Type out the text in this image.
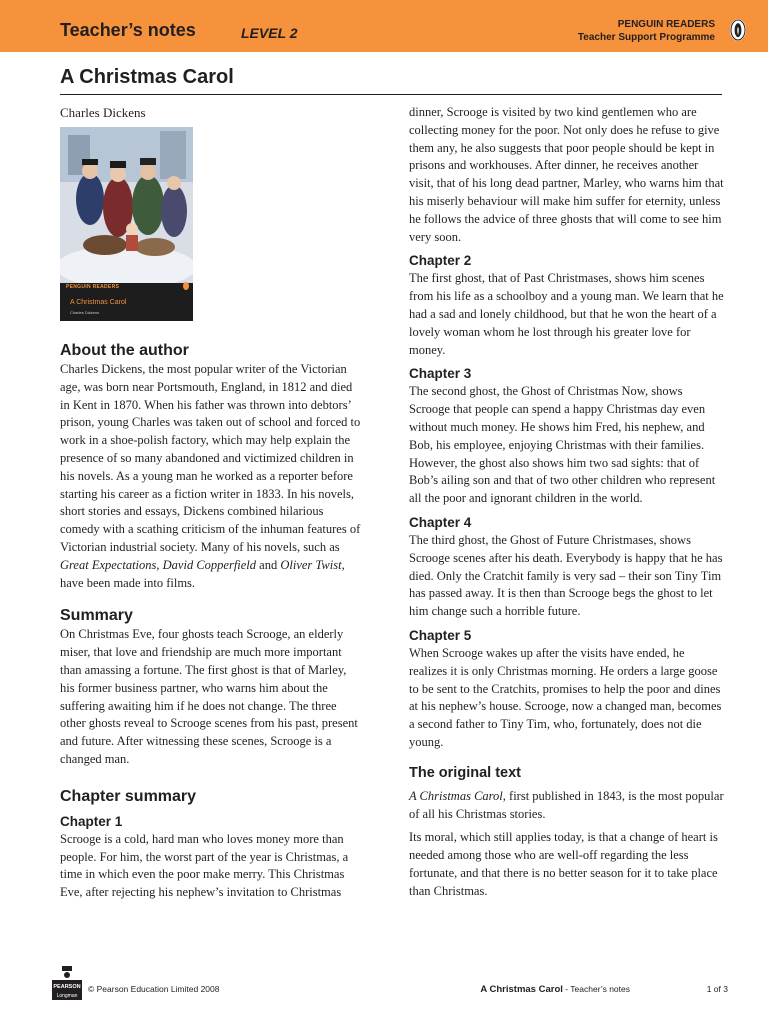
Teacher’s notes	LEVEL 2
PENGUIN READERS
Teacher Support Programme
A Christmas Carol
Charles Dickens
PENGUIN READERS
A Christmas Carol
Charles Dickens
About the author

Charles Dickens, the most popular writer of the Victorian age, was born near Portsmouth, England, in 1812 and died in Kent in 1870. When his father was thrown into debtors’ prison, young Charles was taken out of school and forced to work in a shoe-polish factory, which may help explain the presence of so many abandoned and victimized children in his novels. As a young man he worked as a reporter before starting his career as a fiction writer in 1833. In his novels, short stories and essays, Dickens combined hilarious comedy with a scathing criticism of the inhuman features of Victorian industrial society. Many of his novels, such as Great Expectations, David Copperfield and Oliver Twist, have been made into films.

Summary

On Christmas Eve, four ghosts teach Scrooge, an elderly miser, that love and friendship are much more important than amassing a fortune. The first ghost is that of Marley, his former business partner, who warns him about the suffering awaiting him if he does not change. The three other ghosts reveal to Scrooge scenes from his past, present and future. After witnessing these scenes, Scrooge is a changed man.

Chapter summary
Chapter 1

Scrooge is a cold, hard man who loves money more than people. For him, the worst part of the year is Christmas, a time in which even the poor make merry. This Christmas Eve, after rejecting his nephew’s invitation to Christmas

dinner, Scrooge is visited by two kind gentlemen who are collecting money for the poor. Not only does he refuse to give them any, he also suggests that poor people should be kept in prisons and workhouses. After dinner, he receives another visit, that of his long dead partner, Marley, who warns him that his miserly behaviour will make him suffer for eternity, unless he follows the advice of three ghosts that will come to see him very soon.

Chapter 2

The first ghost, that of Past Christmases, shows him scenes from his life as a schoolboy and a young man. We learn that he had a sad and lonely childhood, but that he won the heart of a lovely woman whom he lost through his greater love for money.

Chapter 3

The second ghost, the Ghost of Christmas Now, shows Scrooge that people can spend a happy Christmas day even without much money. He shows him Fred, his nephew, and Bob, his employee, enjoying Christmas with their families. However, the ghost also shows him two sad sights: that of Bob’s ailing son and that of two other children who represent all the poor and ignorant children in the world.

Chapter 4

The third ghost, the Ghost of Future Christmases, shows Scrooge scenes after his death. Everybody is happy that he has died. Only the Cratchit family is very sad – their son Tiny Tim has passed away. It is then than Scrooge begs the ghost to let him change such a horrible future.

Chapter 5

When Scrooge wakes up after the visits have ended, he realizes it is only Christmas morning. He orders a large goose to be sent to the Cratchits, promises to help the poor and dines at his nephew’s house. Scrooge, now a changed man, becomes a second father to Tiny Tim, who, fortunately, does not die young.

The original text

A Christmas Carol, first published in 1843, is the most popular of all his Christmas stories.

Its moral, which still applies today, is that a change of heart is needed among those who are well-off regarding the less fortunate, and that there is no better season for it to take place than Christmas.

PEARSON
Longman
© Pearson Education Limited 2008	A Christmas Carol - Teacher’s notes	1 of 3
